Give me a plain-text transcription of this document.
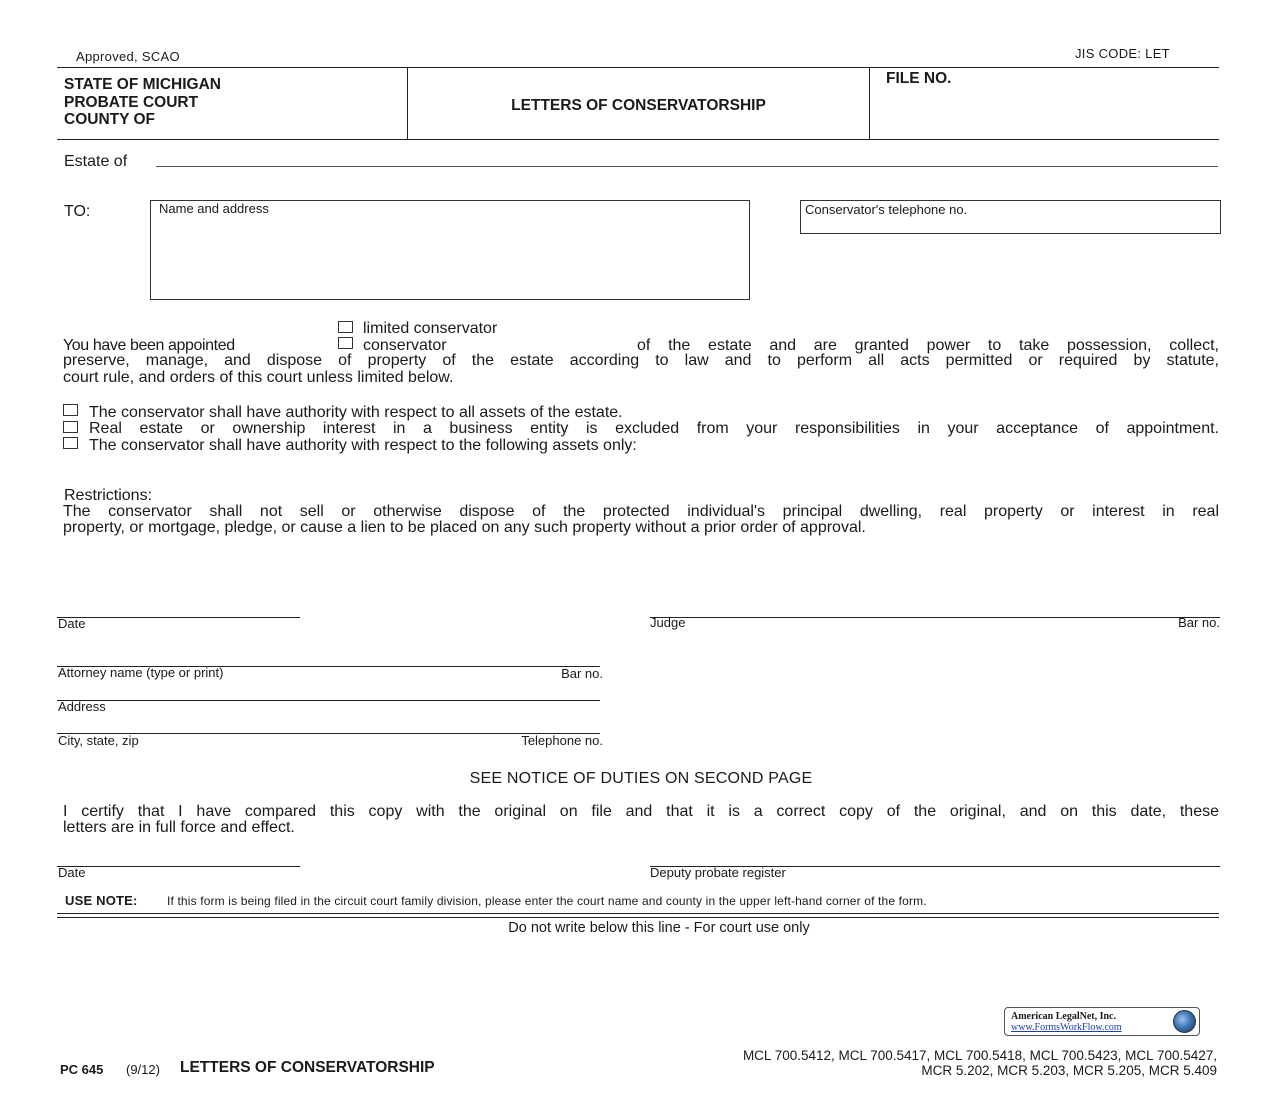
Approved, SCAO	JIS CODE: LET
STATE OF MICHIGAN
PROBATE COURT
COUNTY OF
LETTERS OF CONSERVATORSHIP
FILE NO.
Estate of
TO:	Name and address	Conservator's telephone no.
limited conservator
You have been appointed	conservator	of the estate and are granted power to take possession, collect,
preserve, manage, and dispose of property of the estate according to law and to perform all acts permitted or required by statute,
court rule, and orders of this court unless limited below.
The conservator shall have authority with respect to all assets of the estate.
Real estate or ownership interest in a business entity is excluded from your responsibilities in your acceptance of appointment.
The conservator shall have authority with respect to the following assets only:
Restrictions:
The conservator shall not sell or otherwise dispose of the protected individual's principal dwelling, real property or interest in real
property, or mortgage, pledge, or cause a lien to be placed on any such property without a prior order of approval.
Date	Judge	Bar no.
Attorney name (type or print)	Bar no.
Address
City, state, zip	Telephone no.
SEE NOTICE OF DUTIES ON SECOND PAGE
I certify that I have compared this copy with the original on file and that it is a correct copy of the original, and on this date, these
letters are in full force and effect.
Date	Deputy probate register
USE NOTE: If this form is being filed in the circuit court family division, please enter the court name and county in the upper left-hand corner of the form.
Do not write below this line - For court use only
American LegalNet, Inc.
www.FormsWorkFlow.com
PC 645 (9/12) LETTERS OF CONSERVATORSHIP
MCL 700.5412, MCL 700.5417, MCL 700.5418, MCL 700.5423, MCL 700.5427,
MCR 5.202, MCR 5.203, MCR 5.205, MCR 5.409
